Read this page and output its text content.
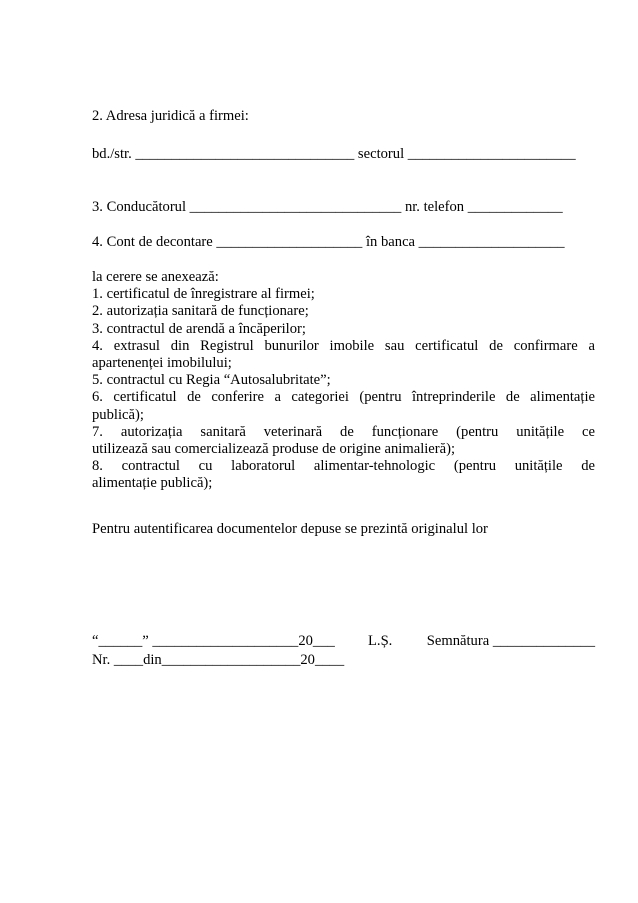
2. Adresa juridică a firmei:
bd./str. ______________________________ sectorul _______________________
3. Conducătorul _____________________________ nr. telefon _____________
4. Cont de decontare ____________________ în banca ____________________
la cerere se anexează:
1. certificatul de înregistrare al firmei;
2. autorizația sanitară de funcționare;
3. contractul de arendă a încăperilor;
4. extrasul din Registrul bunurilor imobile sau certificatul de confirmare a
apartenenței imobilului;
5. contractul cu Regia “Autosalubritate”;
6. certificatul de conferire a categoriei (pentru întreprinderile de alimentație
publică);
7. autorizația sanitară veterinară de funcționare (pentru unitățile ce
utilizează sau comercializează produse de origine animalieră);
8. contractul cu laboratorul alimentar-tehnologic (pentru unitățile de
alimentație publică);
Pentru autentificarea documentelor depuse se prezintă originalul lor

“______” ____________________20___

L.Ș.

Semnătura ______________

Nr. ____din___________________20____
